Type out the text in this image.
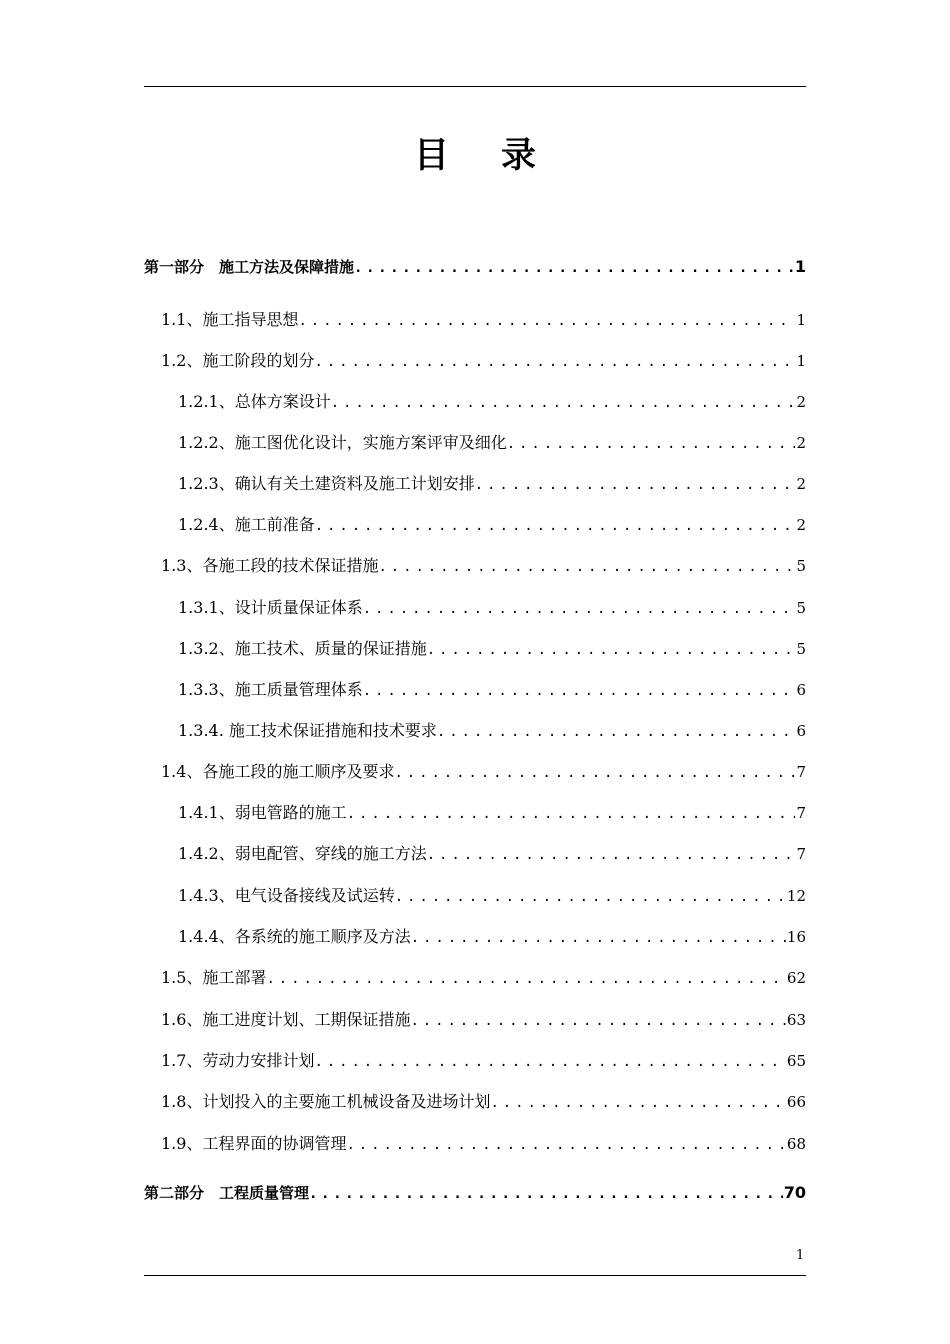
目 录
第一部分　施工方法及保障措施 .....	1
1.1、施工指导思想 .....	1
1.2、施工阶段的划分 .....	1
1.2.1、总体方案设计 .....	2
1.2.2、施工图优化设计，实施方案评审及细化 .....	2
1.2.3、确认有关土建资料及施工计划安排 .....	2
1.2.4、施工前准备 .....	2
1.3、各施工段的技术保证措施 .....	5
1.3.1、设计质量保证体系 .....	5
1.3.2、施工技术、质量的保证措施 .....	5
1.3.3、施工质量管理体系 .....	6
1.3.4. 施工技术保证措施和技术要求 .....	6
1.4、各施工段的施工顺序及要求 .....	7
1.4.1、弱电管路的施工 .....	7
1.4.2、弱电配管、穿线的施工方法 .....	7
1.4.3、电气设备接线及试运转 .....	12
1.4.4、各系统的施工顺序及方法 .....	16
1.5、施工部署 .....	62
1.6、施工进度计划、工期保证措施 .....	63
1.7、劳动力安排计划 .....	65
1.8、计划投入的主要施工机械设备及进场计划 .....	66
1.9、工程界面的协调管理 .....	68
第二部分　工程质量管理 .....	70
1
